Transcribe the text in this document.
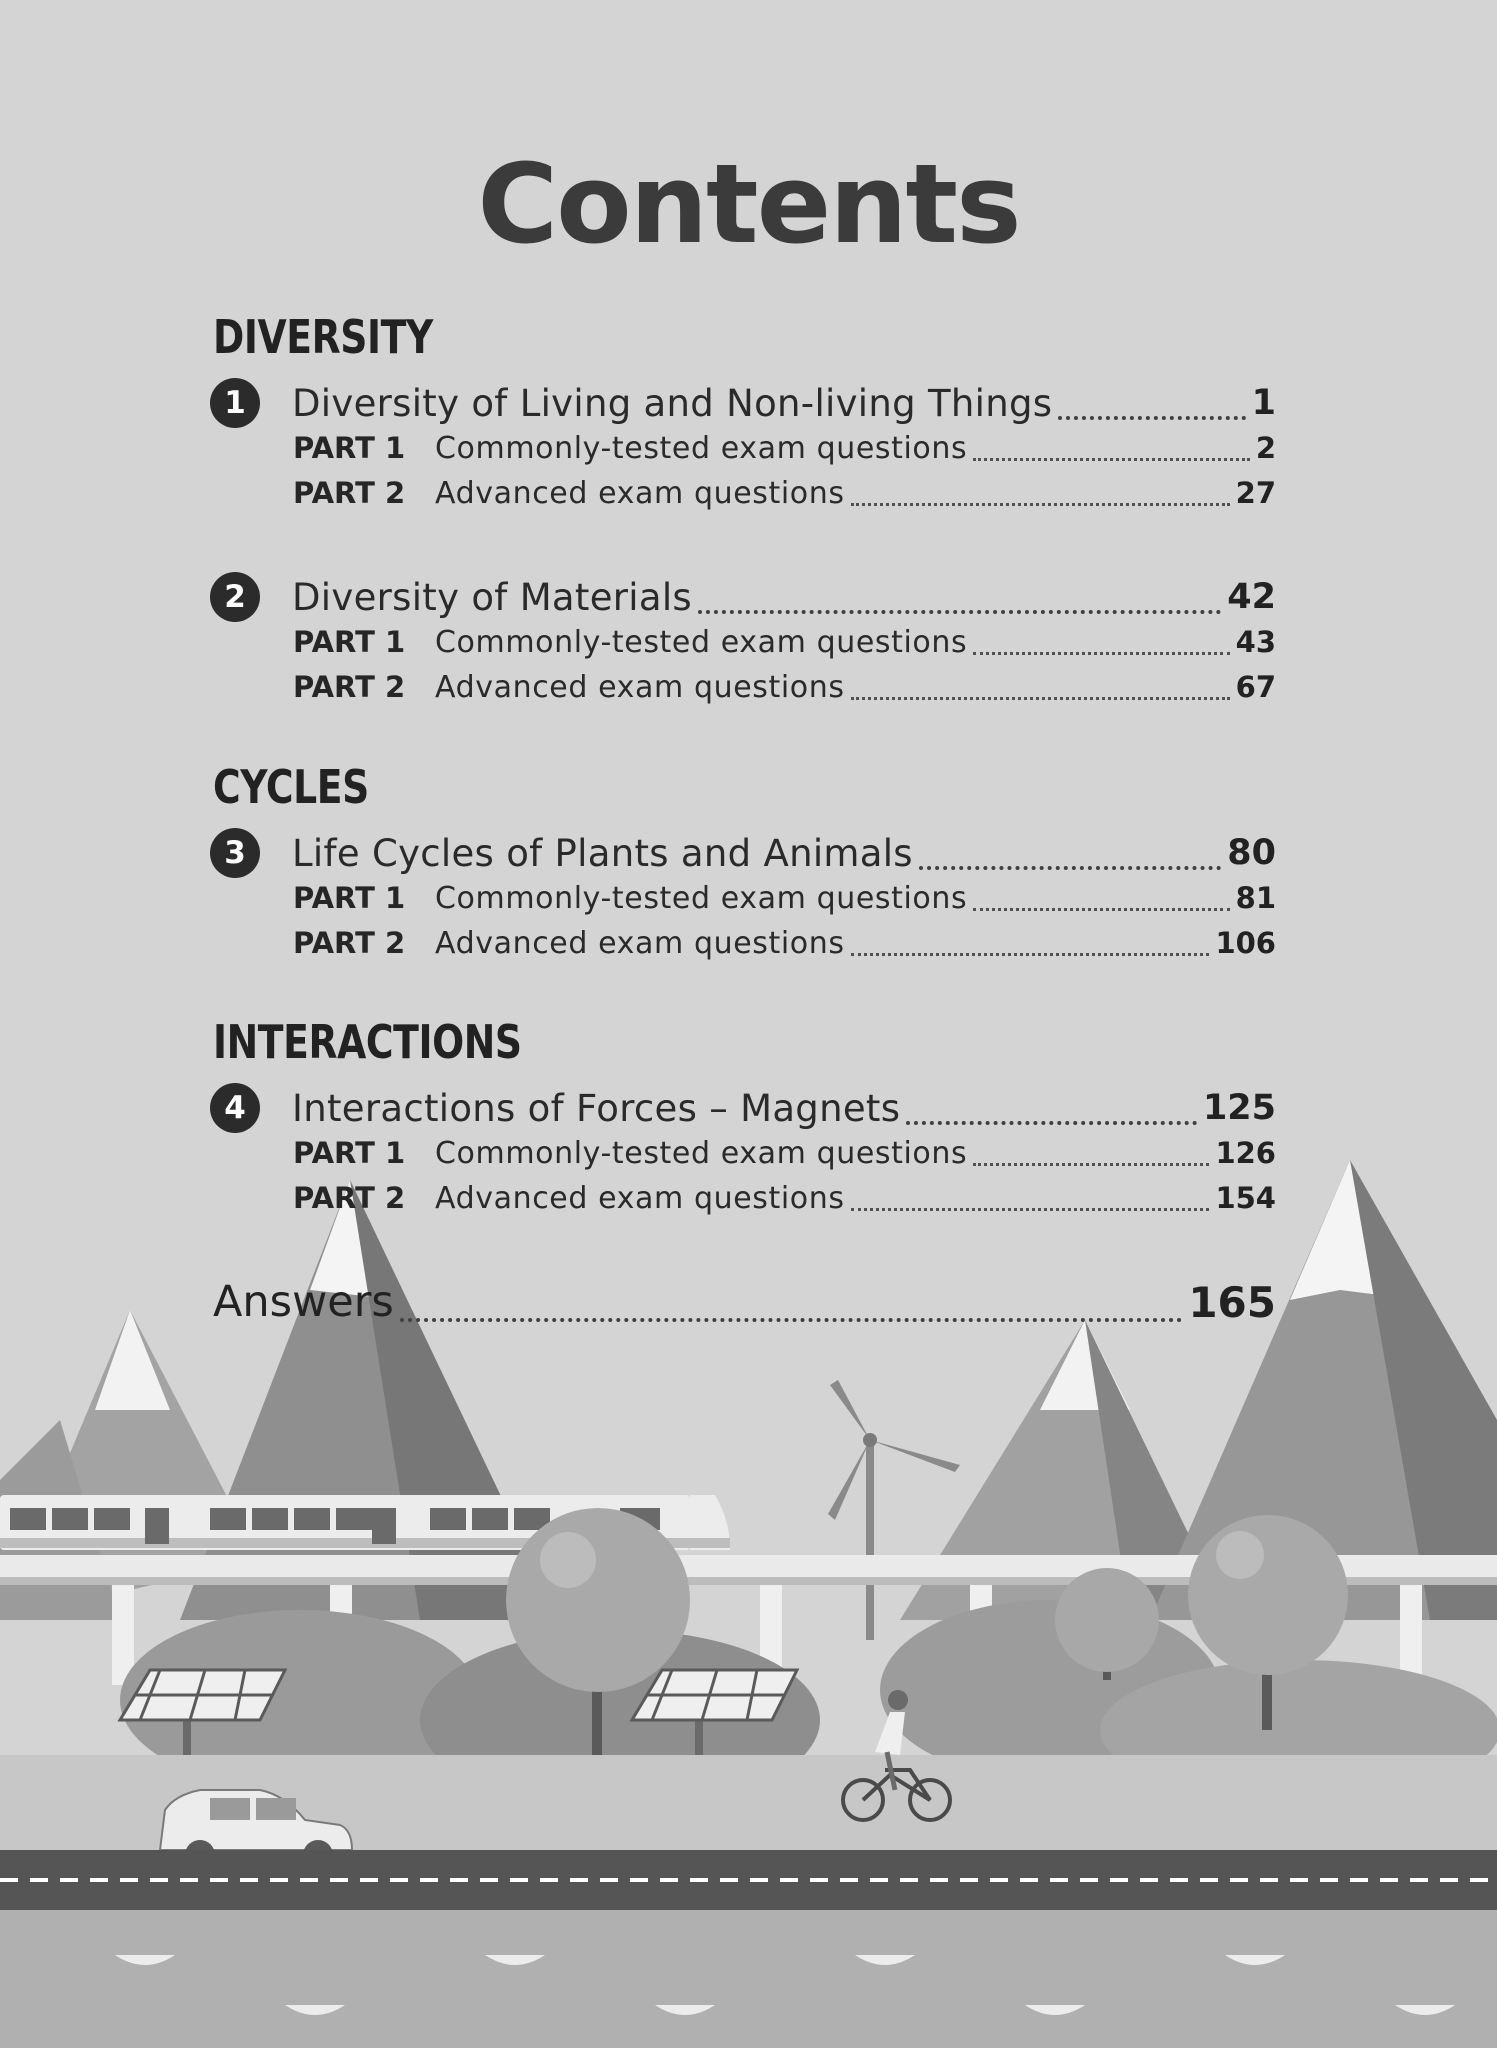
Contents
DIVERSITY
1	Diversity of Living and Non-living Things	1
PART 1 Commonly-tested exam questions	2
PART 2 Advanced exam questions	27
2	Diversity of Materials	42
PART 1 Commonly-tested exam questions	43
PART 2 Advanced exam questions	67
CYCLES
3	Life Cycles of Plants and Animals	80
PART 1 Commonly-tested exam questions	81
PART 2 Advanced exam questions	106
INTERACTIONS
4	Interactions of Forces – Magnets	125
PART 1 Commonly-tested exam questions	126
PART 2 Advanced exam questions	154
Answers	165
